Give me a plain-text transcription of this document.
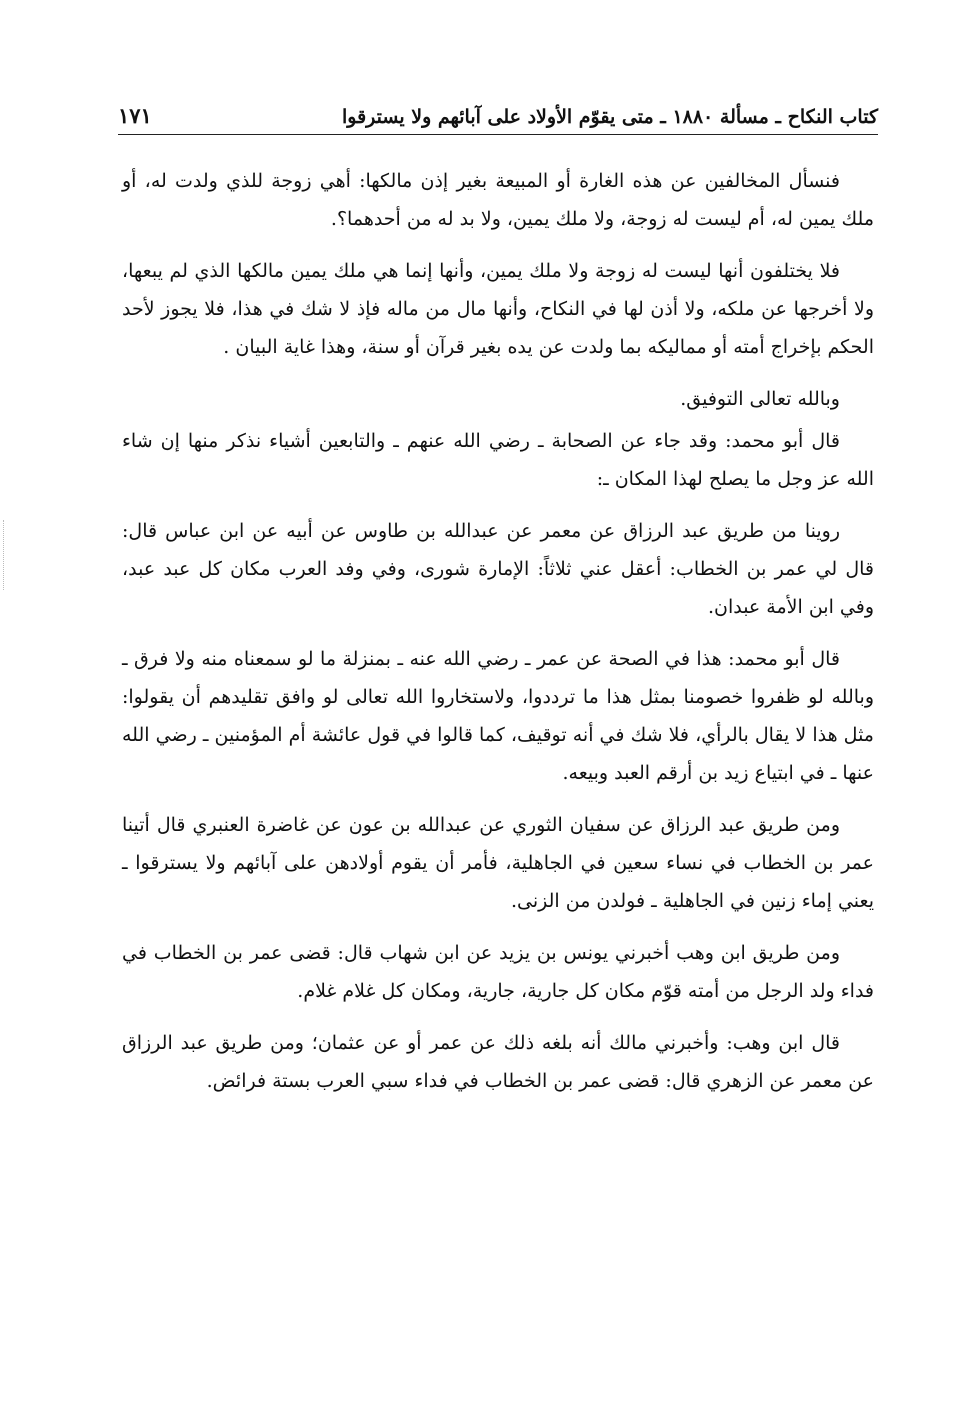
كتاب النكاح ـ مسألة ١٨٨٠ ـ متى يقوّم الأولاد على آبائهم ولا يسترقوا
١٧١

فنسأل المخالفين عن هذه الغارة أو المبيعة بغير إذن مالكها: أهي زوجة للذي ولدت له، أو ملك يمين له، أم ليست له زوجة، ولا ملك يمين، ولا بد له من أحدهما؟.

فلا يختلفون أنها ليست له زوجة ولا ملك يمين، وأنها إنما هي ملك يمين مالكها الذي لم يبعها، ولا أخرجها عن ملكه، ولا أذن لها في النكاح، وأنها مال من ماله فإذ لا شك في هذا، فلا يجوز لأحد الحكم بإخراج أمته أو مماليكه بما ولدت عن يده بغير قرآن أو سنة، وهذا غاية البيان .

وبالله تعالى التوفيق.

قال أبو محمد: وقد جاء عن الصحابة ـ رضي الله عنهم ـ والتابعين أشياء نذكر منها إن شاء الله عز وجل ما يصلح لهذا المكان ـ:

روينا من طريق عبد الرزاق عن معمر عن عبدالله بن طاوس عن أبيه عن ابن عباس قال: قال لي عمر بن الخطاب: أعقل عني ثلاثاً: الإمارة شورى، وفي وفد العرب مكان كل عبد عبد، وفي ابن الأمة عبدان.

قال أبو محمد: هذا في الصحة عن عمر ـ رضي الله عنه ـ بمنزلة ما لو سمعناه منه ولا فرق ـ وبالله لو ظفروا خصومنا بمثل هذا ما ترددوا، ولاستخاروا الله تعالى لو وافق تقليدهم أن يقولوا: مثل هذا لا يقال بالرأي، فلا شك في أنه توقيف، كما قالوا في قول عائشة أم المؤمنين ـ رضي الله عنها ـ في ابتياع زيد بن أرقم العبد وبيعه.

ومن طريق عبد الرزاق عن سفيان الثوري عن عبدالله بن عون عن غاضرة العنبري قال أتينا عمر بن الخطاب في نساء سعين في الجاهلية، فأمر أن يقوم أولادهن على آبائهم ولا يسترقوا ـ يعني إماء زنين في الجاهلية ـ فولدن من الزنى.

ومن طريق ابن وهب أخبرني يونس بن يزيد عن ابن شهاب قال: قضى عمر بن الخطاب في فداء ولد الرجل من أمته قوّم مكان كل جارية، جارية، ومكان كل غلام غلام.

قال ابن وهب: وأخبرني مالك أنه بلغه ذلك عن عمر أو عن عثمان؛ ومن طريق عبد الرزاق عن معمر عن الزهري قال: قضى عمر بن الخطاب في فداء سبي العرب بستة فرائض.
